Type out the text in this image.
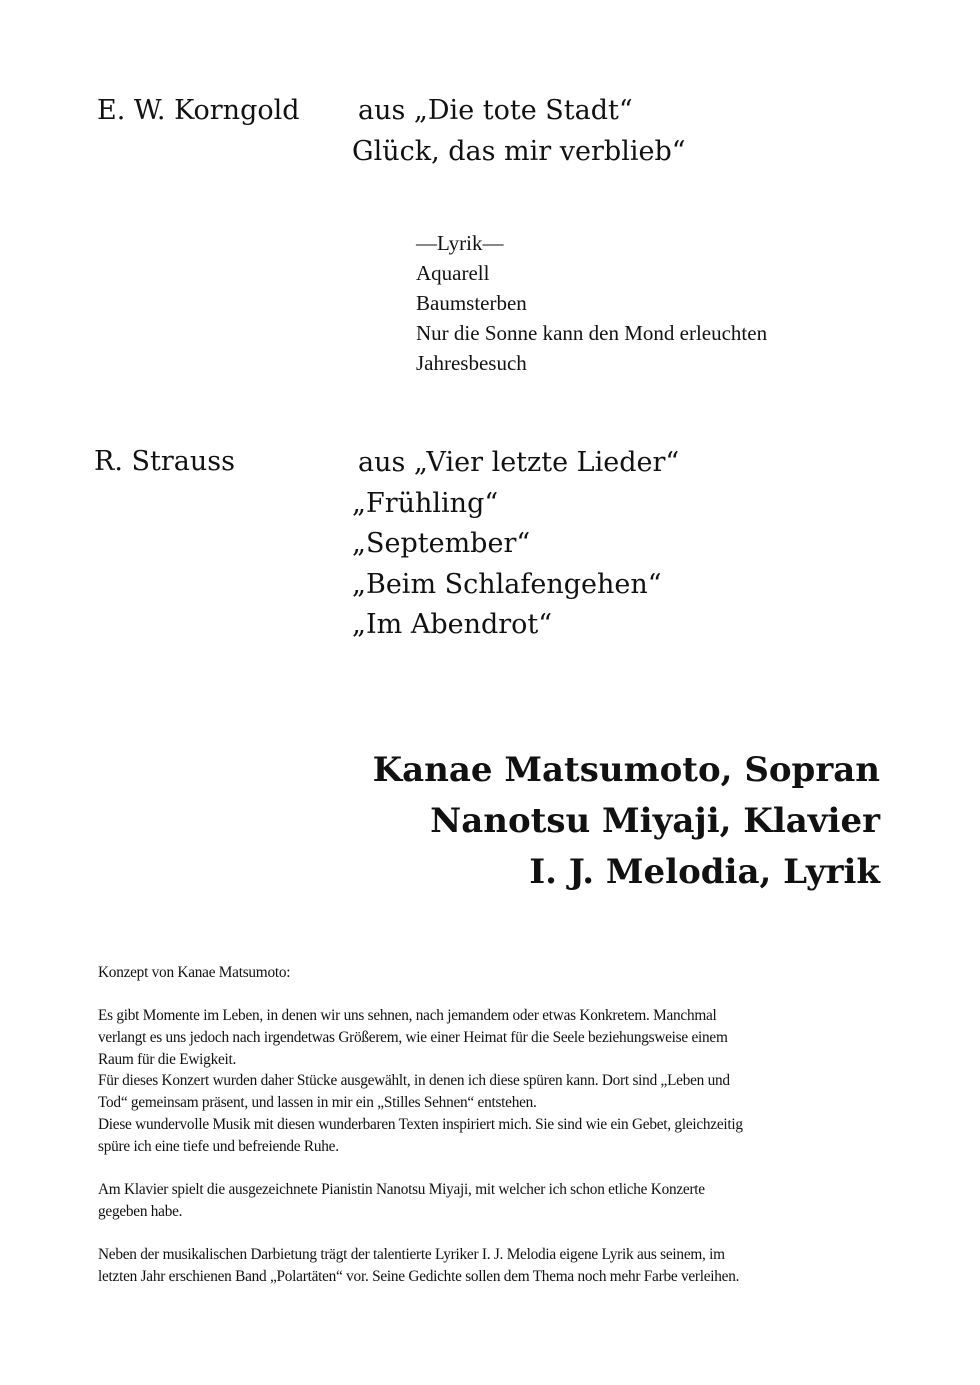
E. W. Korngold aus „Die tote Stadt“
Glück, das mir verblieb“
—Lyrik—
Aquarell
Baumsterben
Nur die Sonne kann den Mond erleuchten
Jahresbesuch
R. Strauss	aus „Vier letzte Lieder“
„Frühling“
„September“
„Beim Schlafengehen“
„Im Abendrot“
Kanae Matsumoto, Sopran
Nanotsu Miyaji, Klavier
I. J. Melodia, Lyrik
Konzept von Kanae Matsumoto:
Es gibt Momente im Leben, in denen wir uns sehnen, nach jemandem oder etwas Konkretem. Manchmal
verlangt es uns jedoch nach irgendetwas Größerem, wie einer Heimat für die Seele beziehungsweise einem
Raum für die Ewigkeit.
Für dieses Konzert wurden daher Stücke ausgewählt, in denen ich diese spüren kann. Dort sind „Leben und
Tod“ gemeinsam präsent, und lassen in mir ein „Stilles Sehnen“ entstehen.
Diese wundervolle Musik mit diesen wunderbaren Texten inspiriert mich. Sie sind wie ein Gebet, gleichzeitig
spüre ich eine tiefe und befreiende Ruhe.
Am Klavier spielt die ausgezeichnete Pianistin Nanotsu Miyaji, mit welcher ich schon etliche Konzerte
gegeben habe.
Neben der musikalischen Darbietung trägt der talentierte Lyriker I. J. Melodia eigene Lyrik aus seinem, im
letzten Jahr erschienen Band „Polartäten“ vor. Seine Gedichte sollen dem Thema noch mehr Farbe verleihen.
